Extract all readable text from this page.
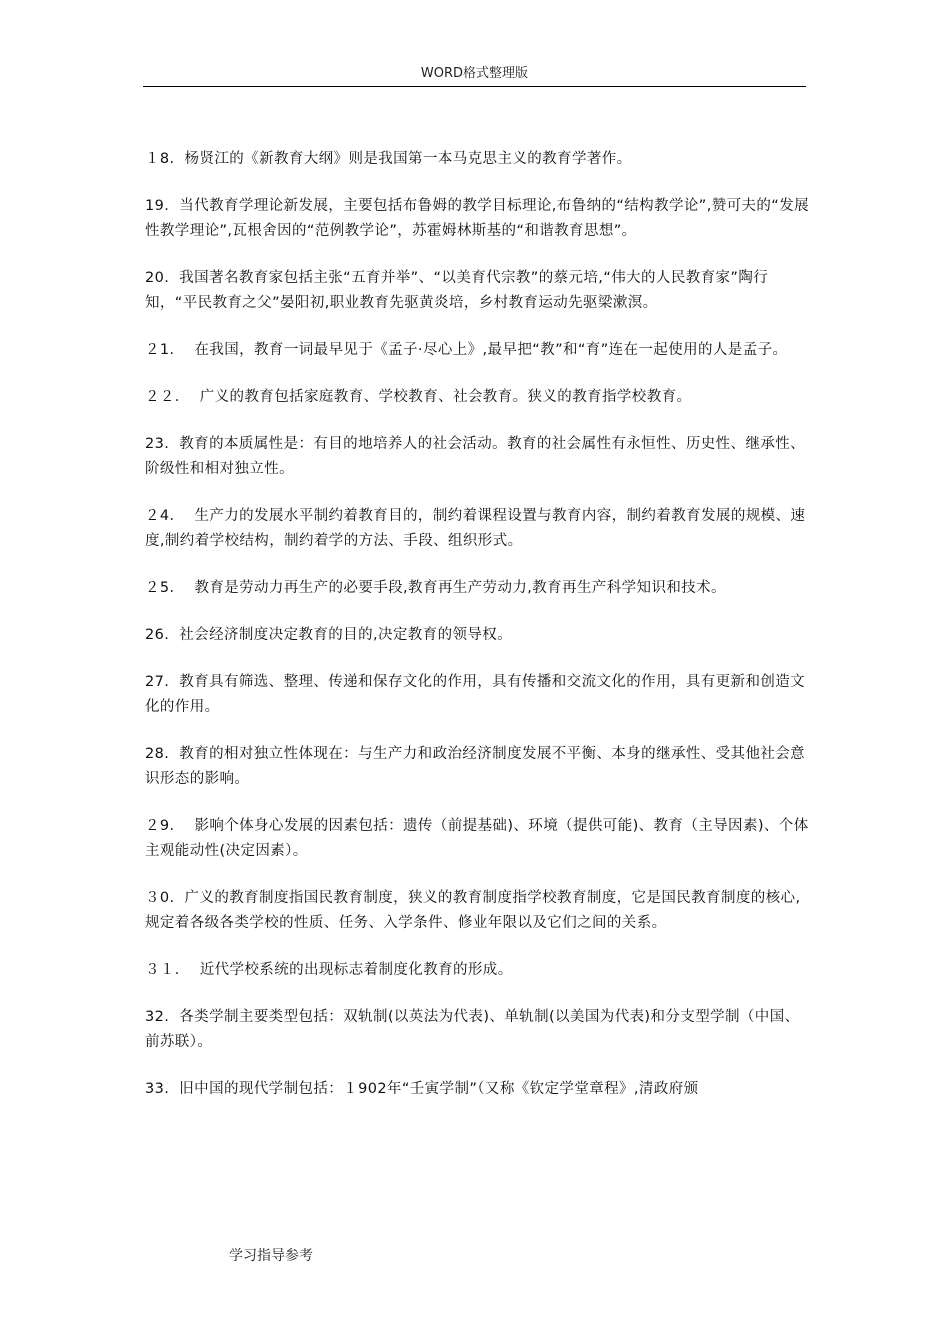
WORD格式整理版

１8. 杨贤江的《新教育大纲》则是我国第一本马克思主义的教育学著作。

19. 当代教育学理论新发展，主要包括布鲁姆的教学目标理论,布鲁纳的“结构教学论”,赞可夫的“发展性教学理论”,瓦根舍因的“范例教学论”，苏霍姆林斯基的“和谐教育思想”。

20. 我国著名教育家包括主张“五育并举”、“以美育代宗教”的蔡元培,“伟大的人民教育家”陶行知，“平民教育之父”晏阳初,职业教育先驱黄炎培，乡村教育运动先驱梁漱溟。

２1． 在我国，教育一词最早见于《孟子·尽心上》,最早把“教”和“育”连在一起使用的人是孟子。

２２． 广义的教育包括家庭教育、学校教育、社会教育。狭义的教育指学校教育。

23. 教育的本质属性是：有目的地培养人的社会活动。教育的社会属性有永恒性、历史性、继承性、阶级性和相对独立性。

２4． 生产力的发展水平制约着教育目的，制约着课程设置与教育内容，制约着教育发展的规模、速度,制约着学校结构，制约着学的方法、手段、组织形式。

２5． 教育是劳动力再生产的必要手段,教育再生产劳动力,教育再生产科学知识和技术。

26. 社会经济制度决定教育的目的,决定教育的领导权。

27. 教育具有筛选、整理、传递和保存文化的作用，具有传播和交流文化的作用，具有更新和创造文化的作用。

28. 教育的相对独立性体现在：与生产力和政治经济制度发展不平衡、本身的继承性、受其他社会意识形态的影响。

２9． 影响个体身心发展的因素包括：遗传（前提基础)、环境（提供可能)、教育（主导因素)、个体主观能动性(决定因素）。

３0. 广义的教育制度指国民教育制度，狭义的教育制度指学校教育制度，它是国民教育制度的核心,规定着各级各类学校的性质、任务、入学条件、修业年限以及它们之间的关系。

３１． 近代学校系统的出现标志着制度化教育的形成。

32. 各类学制主要类型包括：双轨制(以英法为代表)、单轨制(以美国为代表)和分支型学制（中国、前苏联）。

33. 旧中国的现代学制包括：１902年“壬寅学制”（又称《钦定学堂章程》,清政府颁

学习指导参考
